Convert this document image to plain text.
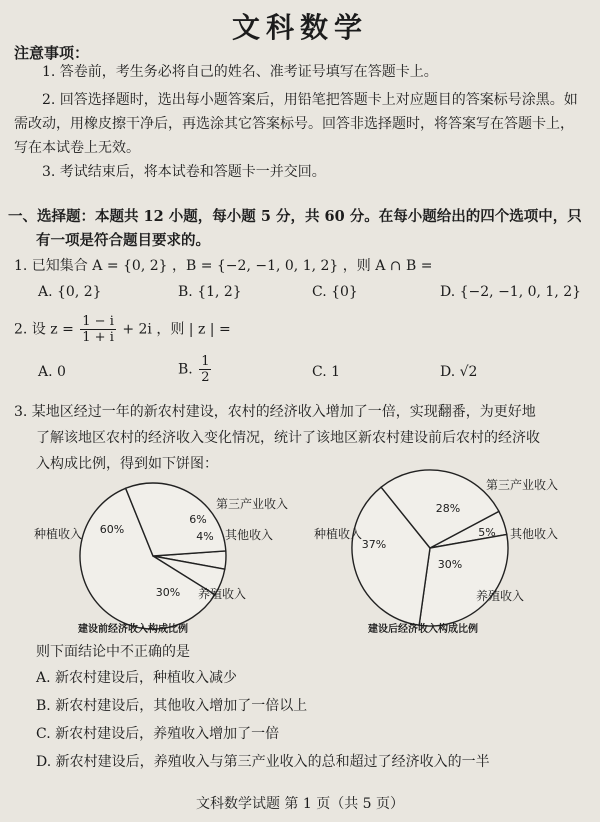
文科数学
注意事项：
1. 答卷前，考生务必将自己的姓名、准考证号填写在答题卡上。
2. 回答选择题时，选出每小题答案后，用铅笔把答题卡上对应题目的答案标号涂黑。如需改动，用橡皮擦干净后，再选涂其它答案标号。回答非选择题时，将答案写在答题卡上，写在本试卷上无效。
3. 考试结束后，将本试卷和答题卡一并交回。
一、选择题：本题共 12 小题，每小题 5 分，共 60 分。在每小题给出的四个选项中，只
有一项是符合题目要求的。
1. 已知集合 A = {0, 2} ，B = {−2, −1, 0, 1, 2} ，则 A ∩ B =
A. {0, 2}	B. {1, 2}	C. {0}	D. {−2, −1, 0, 1, 2}
2. 设 $z = \frac{1 - i}{1 + i} + 2i$ ，则 | z | =
A. 0	B. $\frac{1}{2}$	C. 1	D. √2
3. 某地区经过一年的新农村建设，农村的经济收入增加了一倍，实现翻番，为更好地
了解该地区农村的经济收入变化情况，统计了该地区新农村建设前后农村的经济收
入构成比例，得到如下饼图：
60%
6%
4%
30%
种植收入
第三产业收入
其他收入
养殖收入
37%
28%
5%
30%
种植收入
第三产业收入
其他收入
养殖收入
建设前经济收入构成比例	建设后经济收入构成比例
则下面结论中不正确的是
A. 新农村建设后，种植收入减少
B. 新农村建设后，其他收入增加了一倍以上
C. 新农村建设后，养殖收入增加了一倍
D. 新农村建设后，养殖收入与第三产业收入的总和超过了经济收入的一半
文科数学试题 第 1 页（共 5 页）
